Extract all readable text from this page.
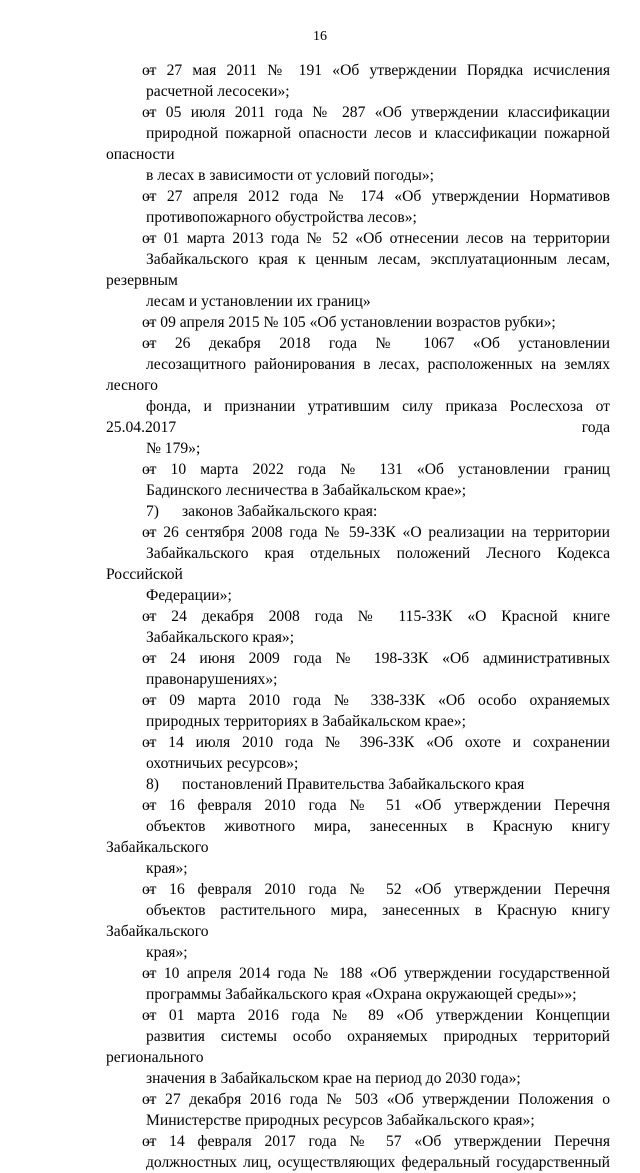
16
– от 27 мая 2011 № 191 «Об утверждении Порядка исчисления
расчетной лесосеки»;
– от 05 июля 2011 года № 287 «Об утверждении классификации
природной пожарной опасности лесов и классификации пожарной опасности
в лесах в зависимости от условий погоды»;
– от 27 апреля 2012 года № 174 «Об утверждении Нормативов
противопожарного обустройства лесов»;
– от 01 марта 2013 года № 52 «Об отнесении лесов на территории
Забайкальского края к ценным лесам, эксплуатационным лесам, резервным
лесам и установлении их границ»
– от 09 апреля 2015 № 105 «Об установлении возрастов рубки»;
– от 26 декабря 2018 года № 1067 «Об установлении
лесозащитного районирования в лесах, расположенных на землях лесного
фонда, и признании утратившим силу приказа Рослесхоза от 25.04.2017 года
№ 179»;
– от 10 марта 2022 года № 131 «Об установлении границ
Бадинского лесничества в Забайкальском крае»;
7) законов Забайкальского края:
– от 26 сентября 2008 года № 59-ЗЗК «О реализации на территории
Забайкальского края отдельных положений Лесного Кодекса Российской
Федерации»;
– от 24 декабря 2008 года № 115-ЗЗК «О Красной книге
Забайкальского края»;
– от 24 июня 2009 года № 198-ЗЗК «Об административных
правонарушениях»;
– от 09 марта 2010 года № 338-ЗЗК «Об особо охраняемых
природных территориях в Забайкальском крае»;
– от 14 июля 2010 года № 396-ЗЗК «Об охоте и сохранении
охотничьих ресурсов»;
8) постановлений Правительства Забайкальского края
– от 16 февраля 2010 года № 51 «Об утверждении Перечня
объектов животного мира, занесенных в Красную книгу Забайкальского
края»;
– от 16 февраля 2010 года № 52 «Об утверждении Перечня
объектов растительного мира, занесенных в Красную книгу Забайкальского
края»;
– от 10 апреля 2014 года № 188 «Об утверждении государственной
программы Забайкальского края «Охрана окружающей среды»»;
– от 01 марта 2016 года № 89 «Об утверждении Концепции
развития системы особо охраняемых природных территорий регионального
значения в Забайкальском крае на период до 2030 года»;
– от 27 декабря 2016 года № 503 «Об утверждении Положения о
Министерстве природных ресурсов Забайкальского края»;
– от 14 февраля 2017 года № 57 «Об утверждении Перечня
должностных лиц, осуществляющих федеральный государственный
